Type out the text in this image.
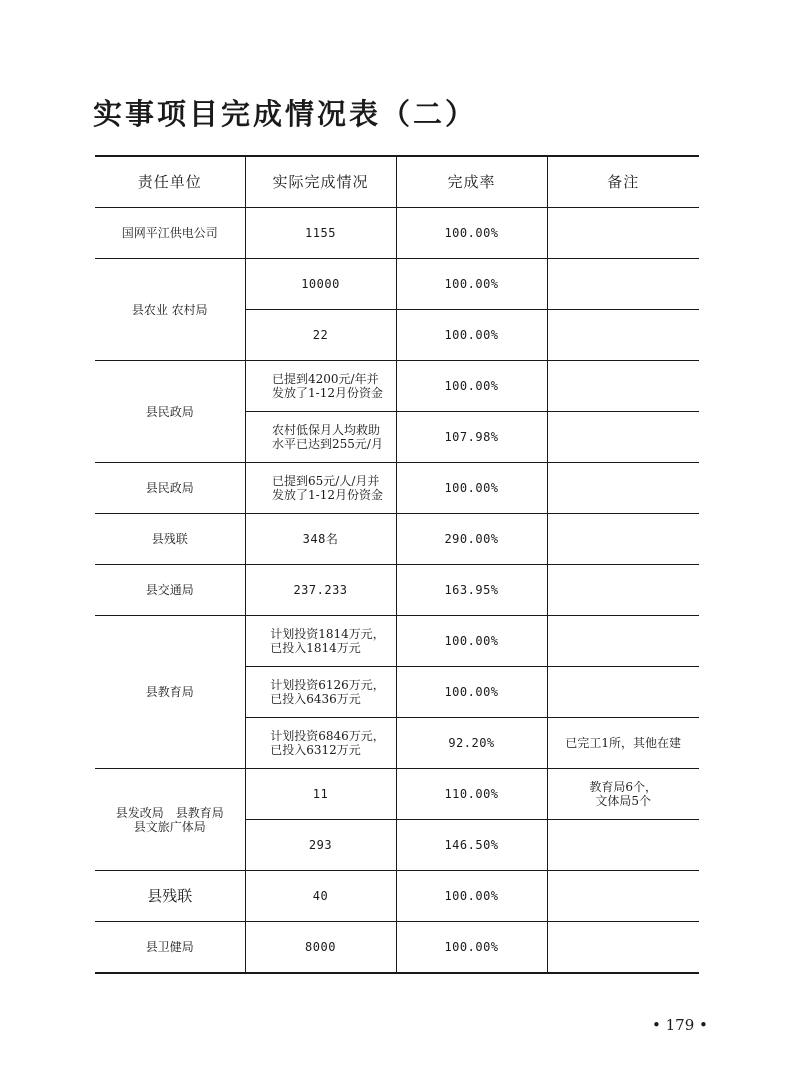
实事项目完成情况表（二）
责任单位	实际完成情况	完成率	备注
国网平江供电公司	1155	100.00%	
县农业 农村局	10000	100.00%	
	22	100.00%	
县民政局	已提到4200元/年并
发放了1-12月份资金	100.00%	
	农村低保月人均救助
水平已达到255元/月	107.98%	
县民政局	已提到65元/人/月并
发放了1-12月份资金	100.00%	
县残联	348名	290.00%	
县交通局	237.233	163.95%	
县教育局	计划投资1814万元，
已投入1814万元	100.00%	
	计划投资6126万元，
已投入6436万元	100.00%	
	计划投资6846万元，
已投入6312万元	92.20%	已完工1所，其他在建
县发改局　县教育局
县文旅广体局	11	110.00%	教育局6个，
文体局5个
	293	146.50%	
县残联	40	100.00%	
县卫健局	8000	100.00%	
• 179 •
